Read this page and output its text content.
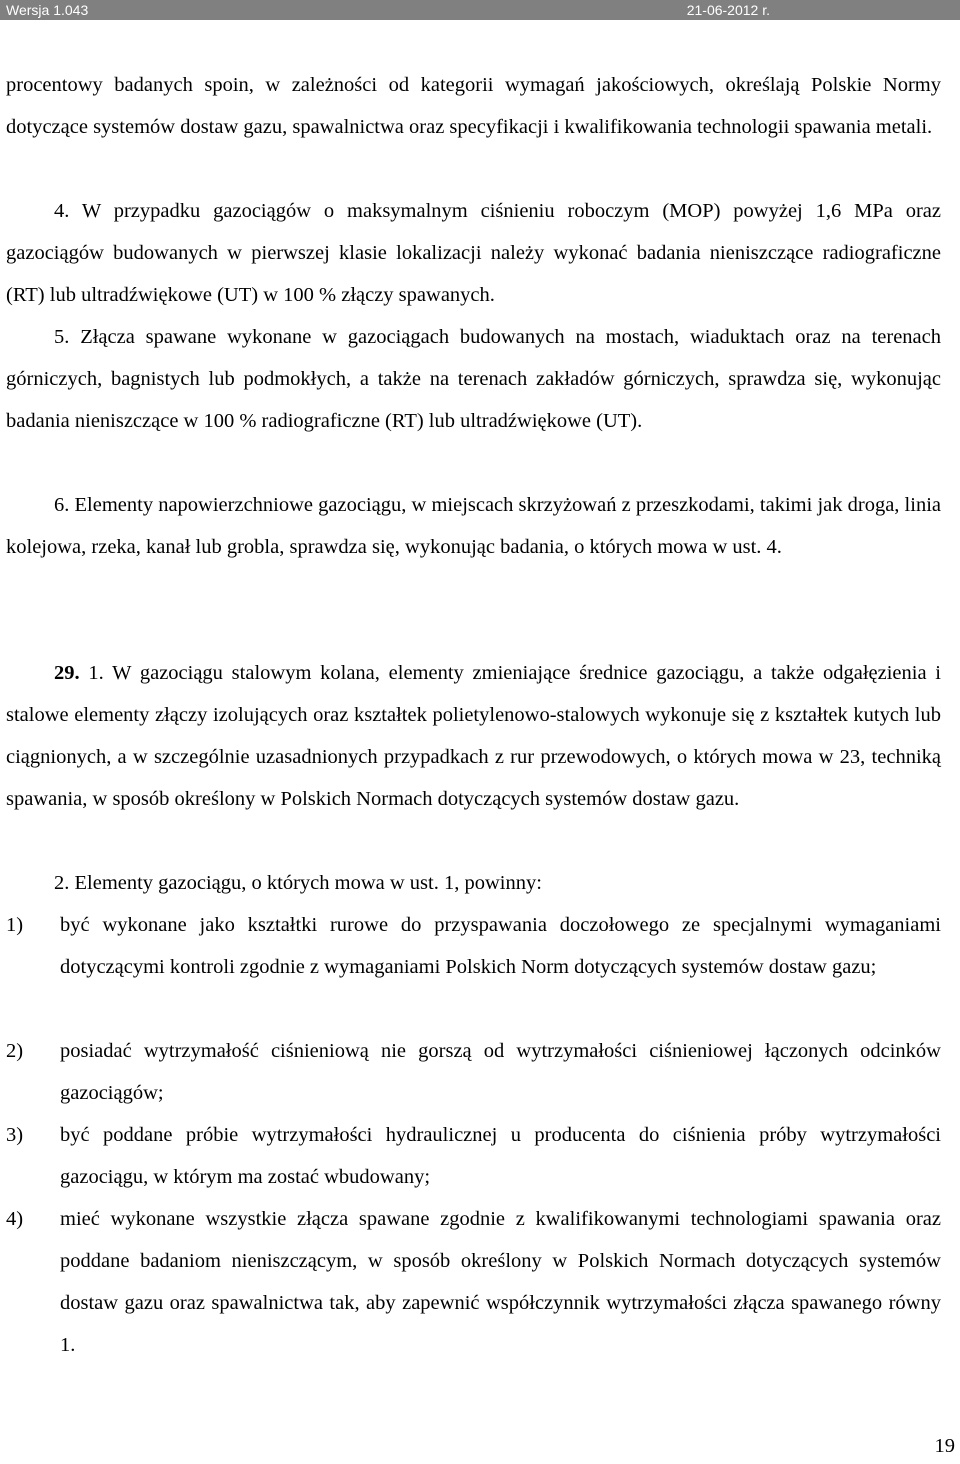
Wersja 1.043	21-06-2012 r.

procentowy badanych spoin, w zależności od kategorii wymagań jakościowych, określają Polskie Normy dotyczące systemów dostaw gazu, spawalnictwa oraz specyfikacji i kwalifikowania technologii spawania metali.

4. W przypadku gazociągów o maksymalnym ciśnieniu roboczym (MOP) powyżej 1,6 MPa oraz gazociągów budowanych w pierwszej klasie lokalizacji należy wykonać badania nieniszczące radiograficzne (RT) lub ultradźwiękowe (UT) w 100 % złączy spawanych.

5. Złącza spawane wykonane w gazociągach budowanych na mostach, wiaduktach oraz na terenach górniczych, bagnistych lub podmokłych, a także na terenach zakładów górniczych, sprawdza się, wykonując badania nieniszczące w 100 % radiograficzne (RT) lub ultradźwiękowe (UT).

6. Elementy napowierzchniowe gazociągu, w miejscach skrzyżowań z przeszkodami, takimi jak droga, linia kolejowa, rzeka, kanał lub grobla, sprawdza się, wykonując badania, o których mowa w ust. 4.

29. 1. W gazociągu stalowym kolana, elementy zmieniające średnice gazociągu, a także odgałęzienia i stalowe elementy złączy izolujących oraz kształtek polietylenowo-stalowych wykonuje się z kształtek kutych lub ciągnionych, a w szczególnie uzasadnionych przypadkach z rur przewodowych, o których mowa w 23, techniką spawania, w sposób określony w Polskich Normach dotyczących systemów dostaw gazu.

2. Elementy gazociągu, o których mowa w ust. 1, powinny:

1)	być wykonane jako kształtki rurowe do przyspawania doczołowego ze specjalnymi wymaganiami dotyczącymi kontroli zgodnie z wymaganiami Polskich Norm dotyczących systemów dostaw gazu;
2)	posiadać wytrzymałość ciśnieniową nie gorszą od wytrzymałości ciśnieniowej łączonych odcinków gazociągów;
3)	być poddane próbie wytrzymałości hydraulicznej u producenta do ciśnienia próby wytrzymałości gazociągu, w którym ma zostać wbudowany;
4)	mieć wykonane wszystkie złącza spawane zgodnie z kwalifikowanymi technologiami spawania oraz poddane badaniom nieniszczącym, w sposób określony w Polskich Normach dotyczących systemów dostaw gazu oraz spawalnictwa tak, aby zapewnić współczynnik wytrzymałości złącza spawanego równy 1.
19
